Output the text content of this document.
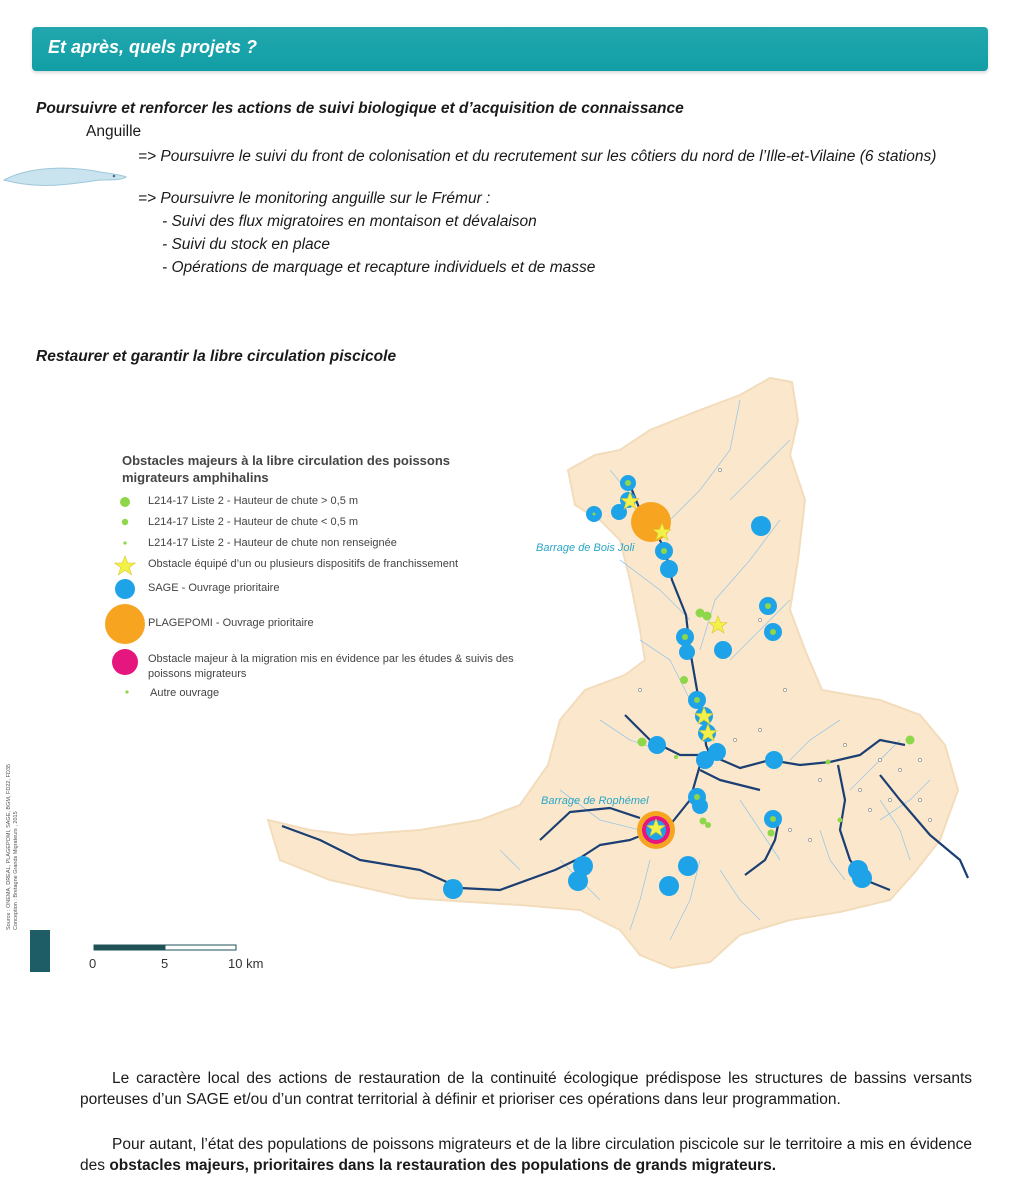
Et après, quels projets ?
Poursuivre et renforcer les actions de suivi biologique et d’acquisition de connaissance
Anguille
=> Poursuivre le suivi du front de colonisation et du recrutement sur les côtiers du nord de l’Ille-et-Vilaine (6 stations)
=> Poursuivre le monitoring anguille sur le Frémur :
- Suivi des flux migratoires en montaison et dévalaison
- Suivi du stock en place
- Opérations de marquage et recapture individuels et de masse
Restaurer et garantir la libre circulation piscicole
Obstacles majeurs à la libre circulation des poissons migrateurs amphihalins
L214-17 Liste 2 - Hauteur de chute > 0,5 m
L214-17 Liste 2 - Hauteur de chute < 0,5 m
L214-17 Liste 2 - Hauteur de chute non renseignée
Obstacle équipé d’un ou plusieurs dispositifs de franchissement
SAGE - Ouvrage prioritaire
PLAGEPOMI - Ouvrage prioritaire
Obstacle majeur à la migration mis en évidence par les études & suivis des poissons migrateurs
Autre ouvrage
Barrage de Bois Joli
Barrage de Rophémel
0	5	10 km
Source : ONEMA, DREAL, PLAGEPOMI, SAGE, BGM, FD22, FD35 Conception : Bretagne Grands Migrateurs , 2015
Le caractère local des actions de restauration de la continuité écologique prédispose les structures de bassins versants porteuses d’un SAGE et/ou d’un contrat territorial à définir et prioriser ces opérations dans leur programmation.
Pour autant, l’état des populations de poissons migrateurs et de la libre circulation piscicole sur le territoire a mis en évidence des obstacles majeurs, prioritaires dans la restauration des populations de grands migrateurs.
